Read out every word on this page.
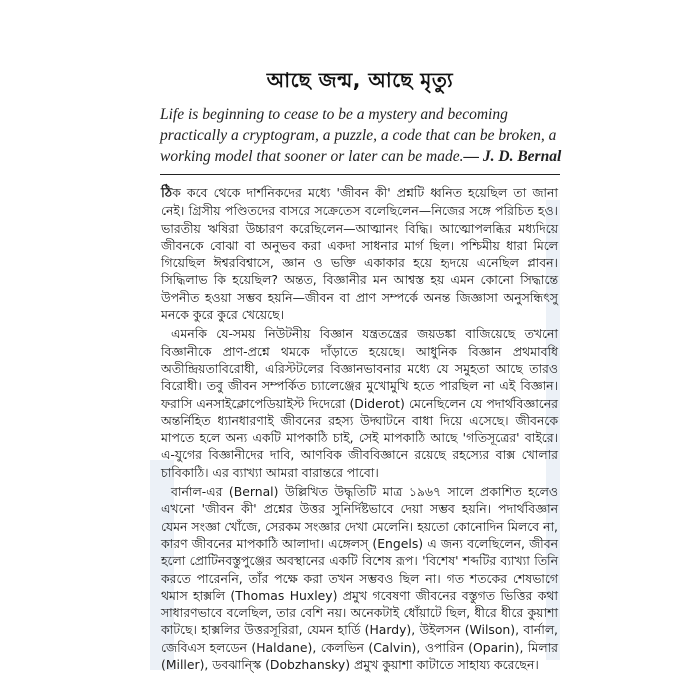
আছে জন্ম, আছে মৃত্যু
Life is beginning to cease to be a mystery and becoming
practically a cryptogram, a puzzle, a code that can be broken, a
working model that sooner or later can be made. — J. D. Bernal

ঠিক কবে থেকে দার্শনিকদের মধ্যে 'জীবন কী' প্রশ্নটি ধ্বনিত হয়েছিল তা জানা নেই। গ্রিসীয় পণ্ডিতদের বাসরে সক্রেতেস বলেছিলেন—নিজের সঙ্গে পরিচিত হও। ভারতীয় ঋষিরা উচ্চারণ করেছিলেন—আত্মানং বিদ্ধি। আত্মোপলব্ধির মধ্যদিয়ে জীবনকে বোঝা বা অনুভব করা একদা সাধনার মার্গ ছিল। পশ্চিমীয় ধারা মিলে গিয়েছিল ঈশ্বরবিশ্বাসে, জ্ঞান ও ভক্তি একাকার হয়ে হৃদয়ে এনেছিল প্লাবন। সিদ্ধিলাভ কি হয়েছিল? অন্তত, বিজ্ঞানীর মন আশ্বস্ত হয় এমন কোনো সিদ্ধান্তে উপনীত হওয়া সম্ভব হয়নি—জীবন বা প্রাণ সম্পর্কে অনন্ত জিজ্ঞাসা অনুসন্ধিৎসু মনকে কুরে কুরে খেয়েছে।

এমনকি যে-সময় নিউটনীয় বিজ্ঞান যন্ত্রতন্ত্রের জয়ডঙ্কা বাজিয়েছে তখনো বিজ্ঞানীকে প্রাণ-প্রশ্নে থমকে দাঁড়াতে হয়েছে। আধুনিক বিজ্ঞান প্রথমাবধি অতীন্দ্রিয়তাবিরোধী, এরিস্টটলের বিজ্ঞানভাবনার মধ্যে যে সমুহতা আছে তারও বিরোধী। তবু জীবন সম্পর্কিত চ্যালেঞ্জের মুখোমুখি হতে পারছিল না এই বিজ্ঞান। ফরাসি এনসাইক্লোপেডিয়াইস্ট দিদেরো (Diderot) মেনেছিলেন যে পদার্থবিজ্ঞানের অন্তর্নিহিত ধ্যানধারণাই জীবনের রহস্য উদ্ঘাটনে বাধা দিয়ে এসেছে। জীবনকে মাপতে হলে অন্য একটি মাপকাঠি চাই, সেই মাপকাঠি আছে 'গতিসূত্রের' বাইরে। এ-যুগের বিজ্ঞানীদের দাবি, আণবিক জীববিজ্ঞানে রয়েছে রহস্যের বাক্স খোলার চাবিকাঠি। এর ব্যাখ্যা আমরা বারান্তরে পাবো।

বার্নাল-এর (Bernal) উল্লিখিত উদ্ধৃতিটি মাত্র ১৯৬৭ সালে প্রকাশিত হলেও এখনো 'জীবন কী' প্রশ্নের উত্তর সুনির্দিষ্টভাবে দেয়া সম্ভব হয়নি। পদার্থবিজ্ঞান যেমন সংজ্ঞা খোঁজে, সেরকম সংজ্ঞার দেখা মেলেনি। হয়তো কোনোদিন মিলবে না, কারণ জীবনের মাপকাঠি আলাদা। এঙ্গেলস্ (Engels) এ জন্য বলেছিলেন, জীবন হলো প্রোটিনবস্তুপুঞ্জের অবস্থানের একটি বিশেষ রূপ। 'বিশেষ' শব্দটির ব্যাখ্যা তিনি করতে পারেননি, তাঁর পক্ষে করা তখন সম্ভবও ছিল না। গত শতকের শেষভাগে থমাস হাক্সলি (Thomas Huxley) প্রমুখ গবেষণা জীবনের বস্তুগত ভিত্তির কথা সাধারণভাবে বলেছিল, তার বেশি নয়। অনেকটাই ধোঁয়াটে ছিল, ধীরে ধীরে কুয়াশা কাটছে। হাক্সলির উত্তরসূরিরা, যেমন হার্ডি (Hardy), উইলসন (Wilson), বার্নাল, জেবিএস হলডেন (Haldane), কেলভিন (Calvin), ওপারিন (Oparin), মিলার (Miller), ডবঝান্স্কি (Dobzhansky) প্রমুখ কুয়াশা কাটাতে সাহায্য করেছেন।
